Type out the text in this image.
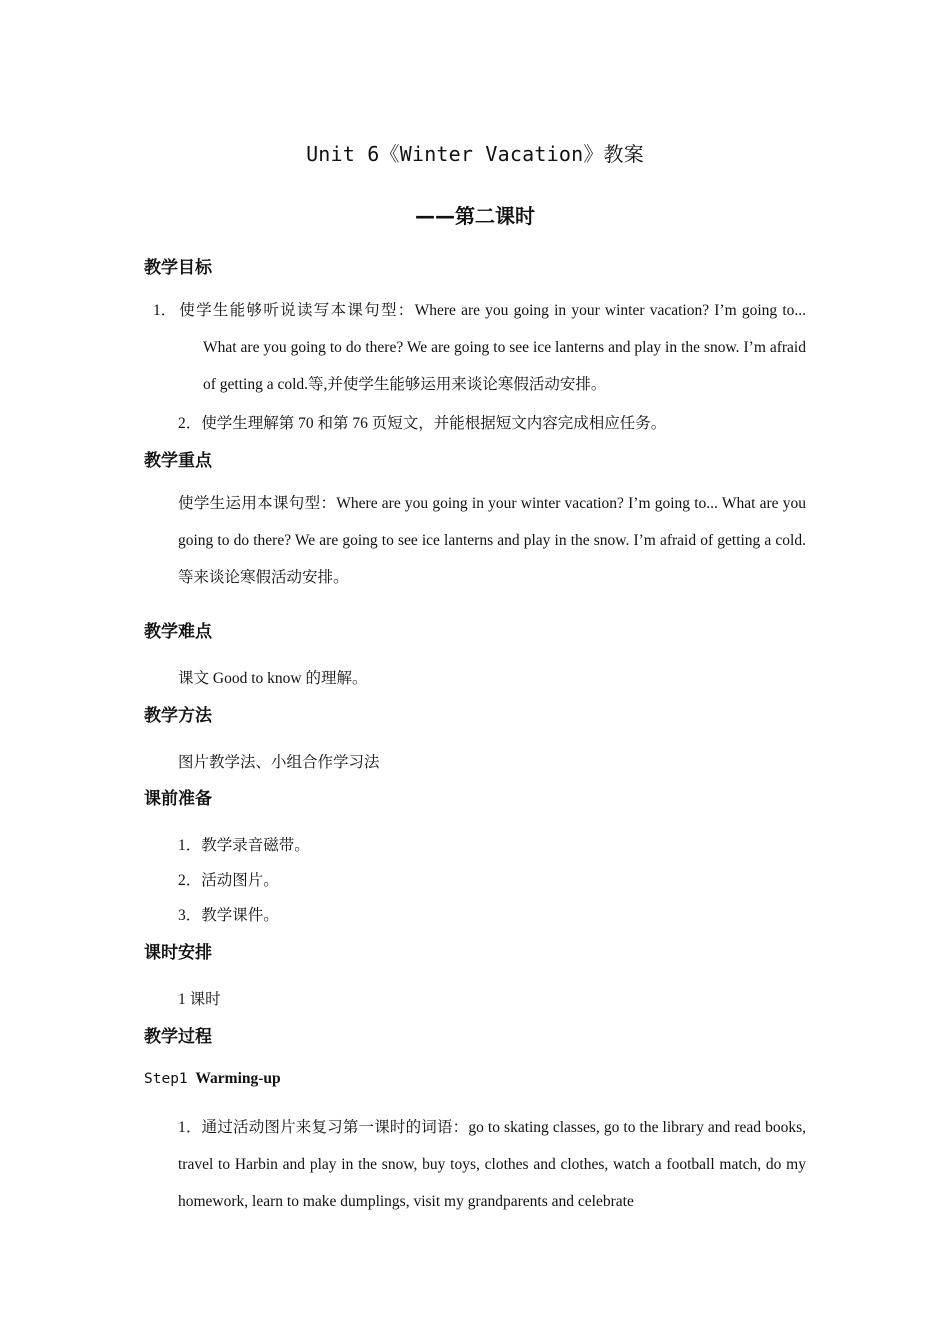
Unit 6《Winter Vacation》教案
——第二课时
教学目标
1． 使学生能够听说读写本课句型：Where are you going in your winter vacation? I’m going to... What are you going to do there? We are going to see ice lanterns and play in the snow. I’m afraid of getting a cold.等,并使学生能够运用来谈论寒假活动安排。
2．使学生理解第 70 和第 76 页短文，并能根据短文内容完成相应任务。
教学重点
使学生运用本课句型：Where are you going in your winter vacation? I’m going to... What are you going to do there? We are going to see ice lanterns and play in the snow. I’m afraid of getting a cold.等来谈论寒假活动安排。
教学难点
课文 Good to know 的理解。
教学方法
图片教学法、小组合作学习法
课前准备
1．教学录音磁带。
2．活动图片。
3．教学课件。
课时安排
1 课时
教学过程
Step1 Warming-up
1．通过活动图片来复习第一课时的词语：go to skating classes, go to the library and read books, travel to Harbin and play in the snow, buy toys, clothes and clothes, watch a football match, do my homework, learn to make dumplings, visit my grandparents and celebrate
